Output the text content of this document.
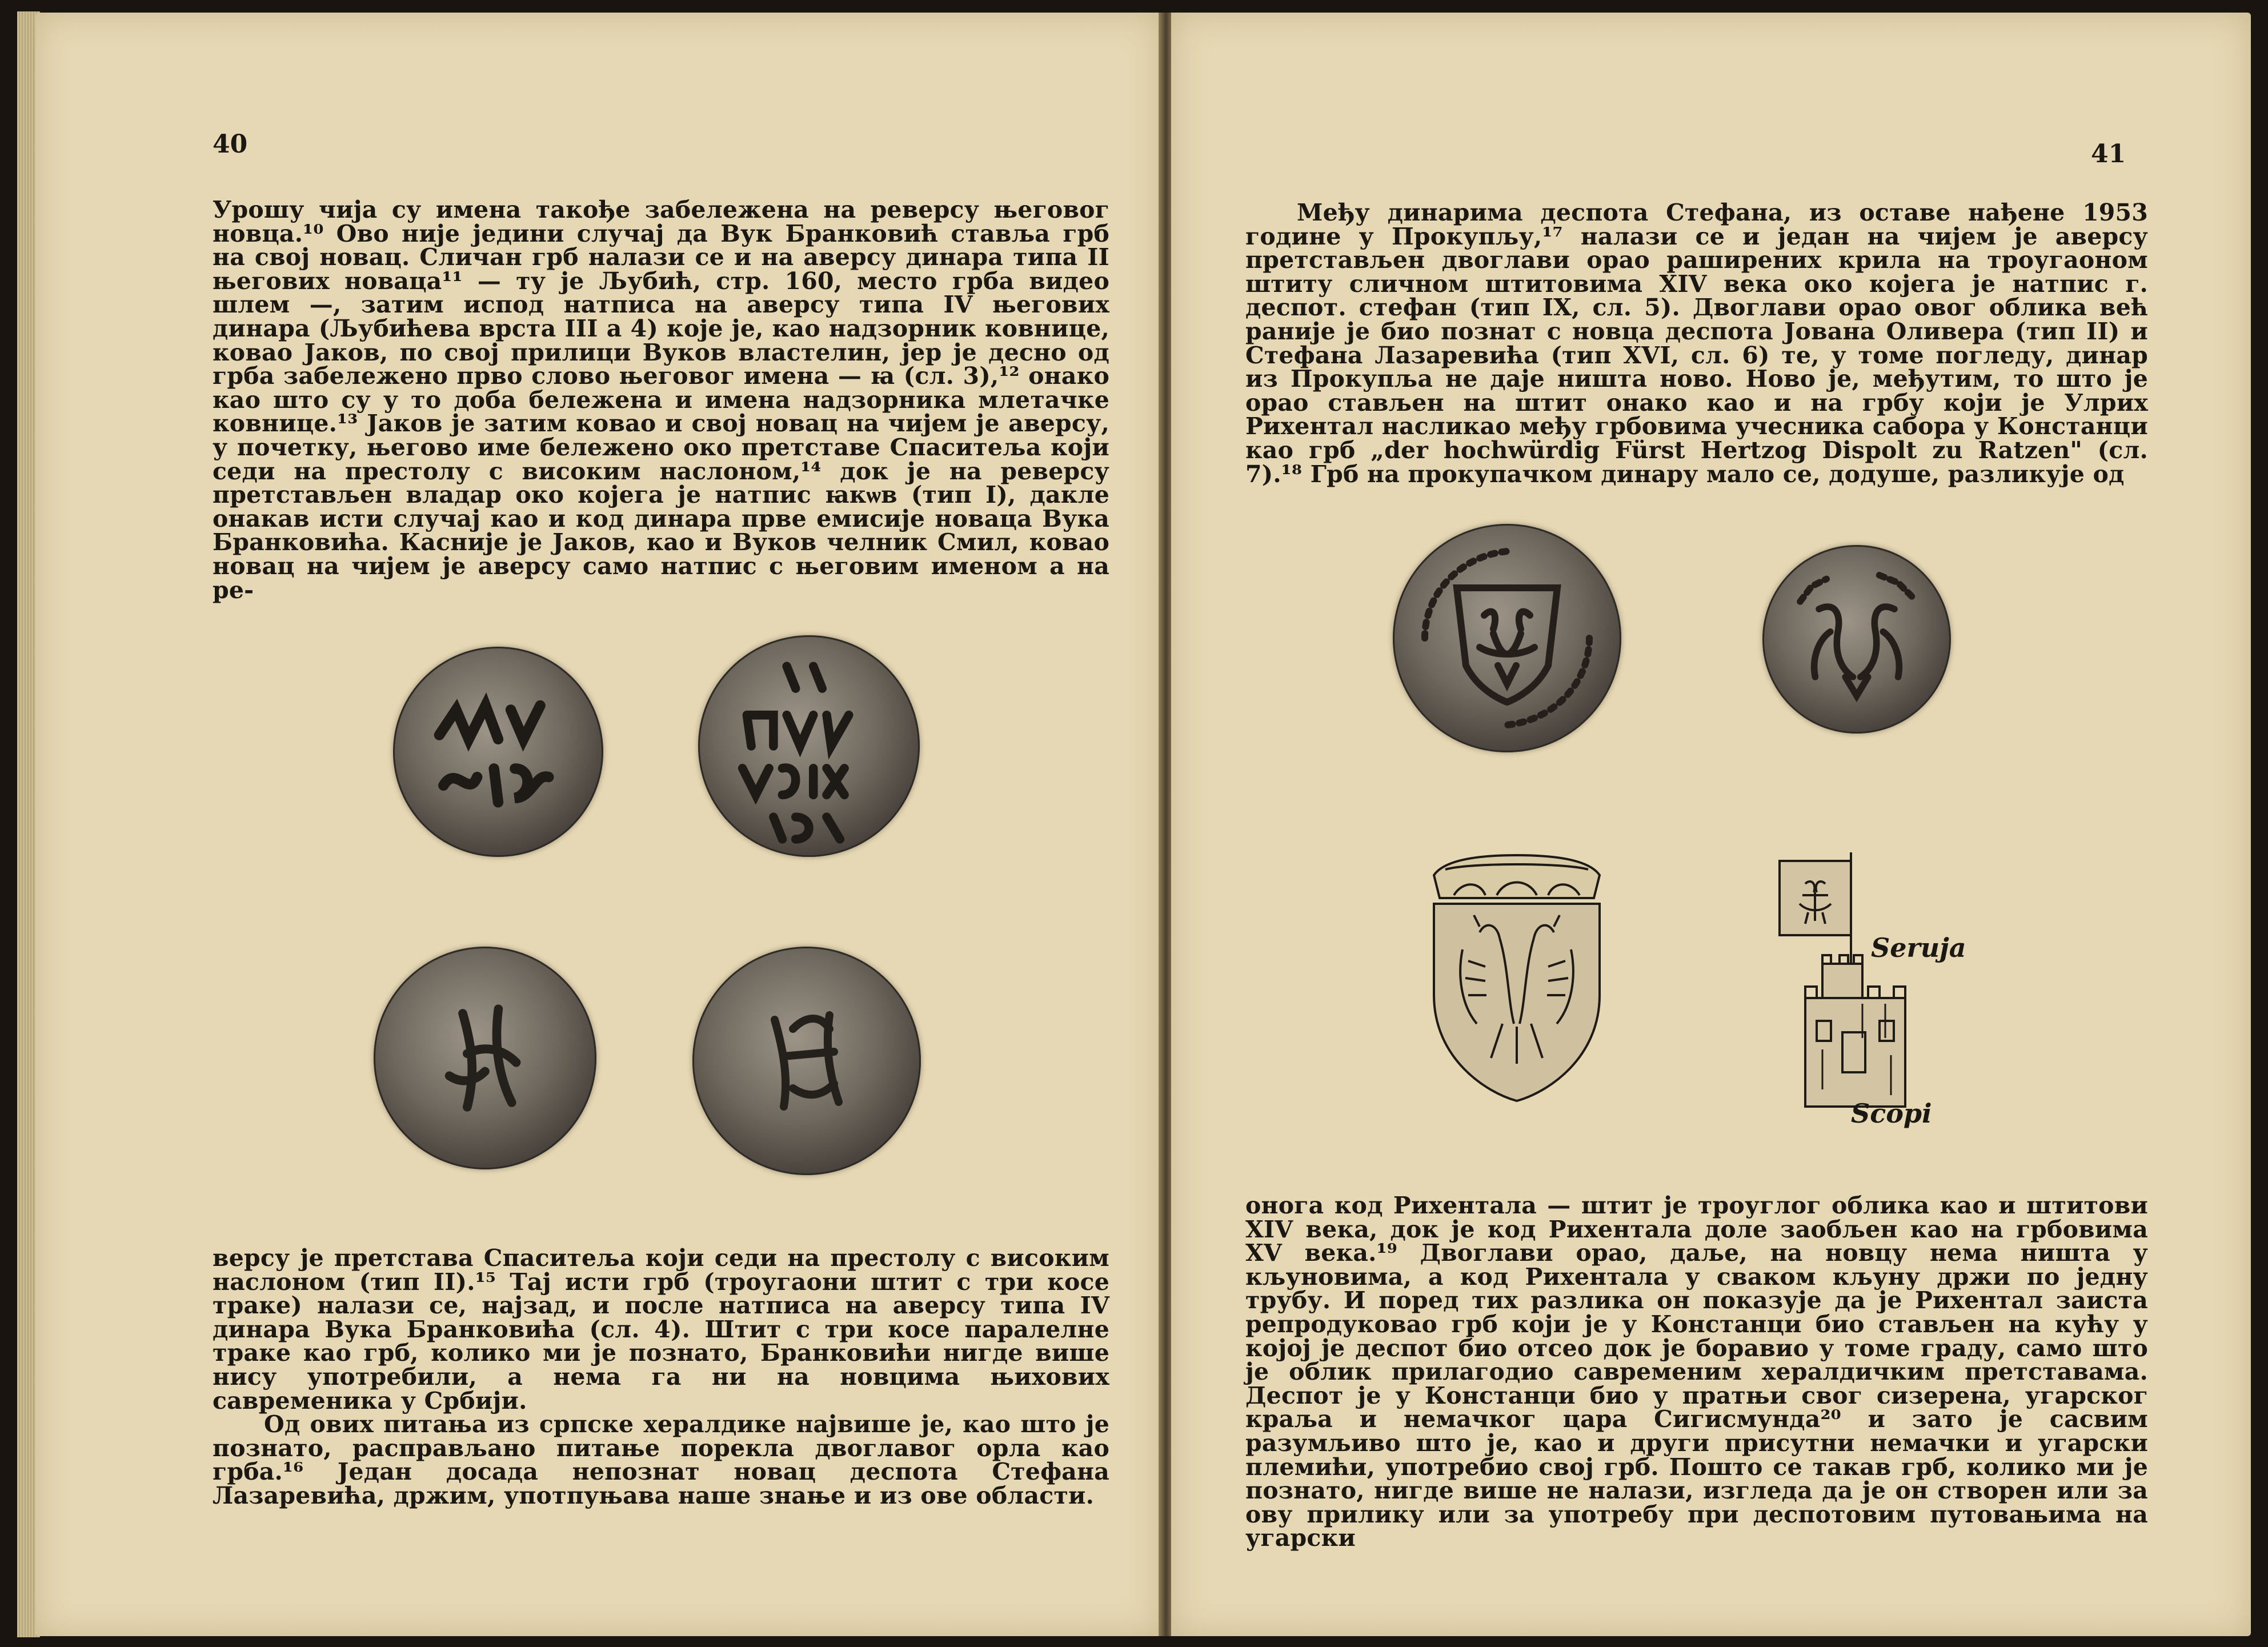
40

Урошу чија су имена такође забележена на реверсу његовог новца.¹⁰ Ово није једини случај да Вук Бранковић ставља грб на свој новац. Сличан грб налази се и на аверсу динара типа II његових новаца¹¹ — ту је Љубић, стр. 160, место грба видео шлем —, затим испод натписа на аверсу типа IV његових динара (Љубићева врста III а 4) које је, као надзорник ковнице, ковао Јаков, по свој прилици Вуков властелин, јер је десно од грба забележено прво слово његовог имена — ꙗ (сл. 3),¹² онако као што су у то доба бележена и имена надзорника млетачке ковнице.¹³ Јаков је затим ковао и свој новац на чијем је аверсу, у почетку, његово име бележено око претставе Спаситеља који седи на престолу с високим наслоном,¹⁴ док је на реверсу претстављен владар око којега је натпис ꙗкѡв (тип I), дакле онакав исти случај као и код динара прве емисије новаца Вука Бранковића. Касније је Јаков, као и Вуков челник Смил, ковао новац на чијем је аверсу само натпис с његовим именом а на ре-

версу је претстава Спаситеља који седи на престолу с високим наслоном (тип II).¹⁵ Тај исти грб (троугаони штит с три косе траке) налази се, најзад, и после натписа на аверсу типа IV динара Вука Бранковића (сл. 4). Штит с три косе паралелне траке као грб, колико ми је познато, Бранковићи нигде више нису употребили, а нема га ни на новцима њихових савременика у Србији.

Од ових питања из српске хералдике највише је, као што је познато, расправљано питање порекла двоглавог орла као грба.¹⁶ Један досада непознат новац деспота Стефана Лазаревића, држим, употпуњава наше знање и из ове области.

41

Међу динарима деспота Стефана, из оставе нађене 1953 године у Прокупљу,¹⁷ налази се и један на чијем је аверсу претстављен двоглави орао раширених крила на троугаоном штиту сличном штитовима XIV века око којега је натпис г. деспот. стефан (тип IX, сл. 5). Двоглави орао овог облика већ раније је био познат с новца деспота Јована Оливера (тип II) и Стефана Лазаревића (тип XVI, сл. 6) те, у томе погледу, динар из Прокупља не даје ништа ново. Ново је, међутим, то што је орао стављен на штит онако као и на грбу који је Улрих Рихентал насликао међу грбовима учесника сабора у Констанци као грб „der hochwürdig Fürst Hertzog Dispolt zu Ratzen" (сл. 7).¹⁸ Грб на прокупачком динару мало се, додуше, разликује од

Seruja
Scopi

онога код Рихентала — штит је троуглог облика као и штитови XIV века, док је код Рихентала доле заобљен као на грбовима XV века.¹⁹ Двоглави орао, даље, на новцу нема ништа у кљуновима, а код Рихентала у сваком кљуну држи по једну трубу. И поред тих разлика он показује да је Рихентал заиста репродуковао грб који је у Констанци био стављен на кућу у којој је деспот био отсео док је боравио у томе граду, само што је облик прилагодио савременим хералдичким претставама. Деспот је у Констанци био у пратњи свог сизерена, угарског краља и немачког цара Сигисмунда²⁰ и зато је сасвим разумљиво што је, као и други присутни немачки и угарски племићи, употребио свој грб. Пошто се такав грб, колико ми је познато, нигде више не налази, изгледа да је он створен или за ову прилику или за употребу при деспотовим путовањима на угарски
